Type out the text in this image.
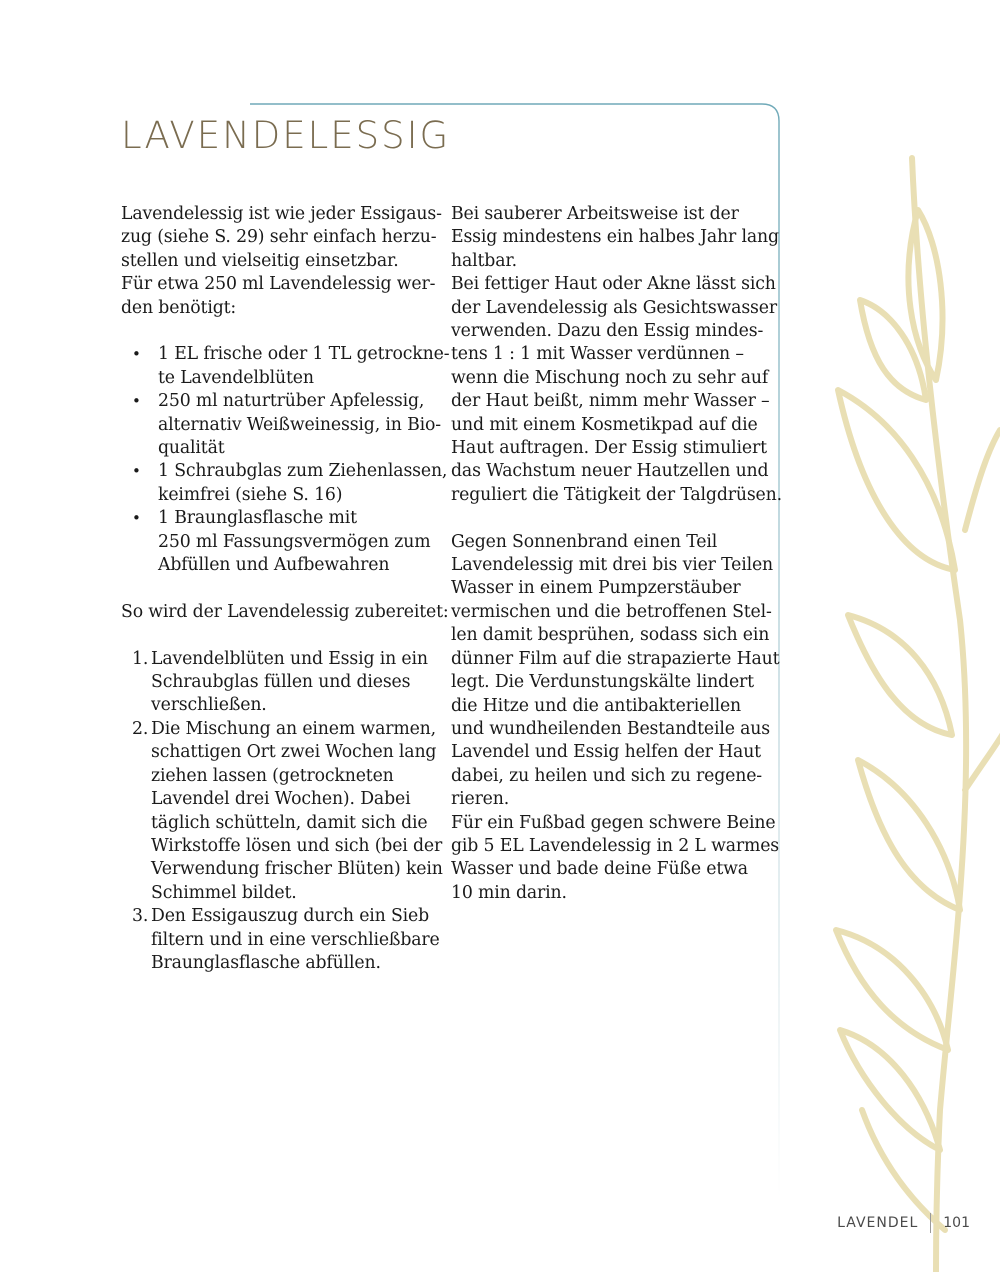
LAVENDELESSIG
Lavendelessig ist wie jeder Essigaus-
zug (siehe S. 29) sehr einfach herzu-
stellen und vielseitig einsetzbar.
Für etwa 250 ml Lavendelessig wer-
den benötigt:
• 1 EL frische oder 1 TL getrockne-
te Lavendelblüten
• 250 ml naturtrüber Apfelessig,
alternativ Weißweinessig, in Bio-
qualität
• 1 Schraubglas zum Ziehenlassen,
keimfrei (siehe S. 16)
• 1 Braunglasflasche mit
250 ml Fassungsvermögen zum
Abfüllen und Aufbewahren
So wird der Lavendelessig zubereitet:
1. Lavendelblüten und Essig in ein
Schraubglas füllen und dieses
verschließen.
2. Die Mischung an einem warmen,
schattigen Ort zwei Wochen lang
ziehen lassen (getrockneten
Lavendel drei Wochen). Dabei
täglich schütteln, damit sich die
Wirkstoffe lösen und sich (bei der
Verwendung frischer Blüten) kein
Schimmel bildet.
3. Den Essigauszug durch ein Sieb
filtern und in eine verschließbare
Braunglasflasche abfüllen.
Bei sauberer Arbeitsweise ist der
Essig mindestens ein halbes Jahr lang
haltbar.
Bei fettiger Haut oder Akne lässt sich
der Lavendelessig als Gesichtswasser
verwenden. Dazu den Essig mindes-
tens 1 : 1 mit Wasser verdünnen –
wenn die Mischung noch zu sehr auf
der Haut beißt, nimm mehr Wasser –
und mit einem Kosmetikpad auf die
Haut auftragen. Der Essig stimuliert
das Wachstum neuer Hautzellen und
reguliert die Tätigkeit der Talgdrüsen.
Gegen Sonnenbrand einen Teil
Lavendelessig mit drei bis vier Teilen
Wasser in einem Pumpzerstäuber
vermischen und die betroffenen Stel-
len damit besprühen, sodass sich ein
dünner Film auf die strapazierte Haut
legt. Die Verdunstungskälte lindert
die Hitze und die antibakteriellen
und wundheilenden Bestandteile aus
Lavendel und Essig helfen der Haut
dabei, zu heilen und sich zu regene-
rieren.
Für ein Fußbad gegen schwere Beine
gib 5 EL Lavendelessig in 2 L warmes
Wasser und bade deine Füße etwa
10 min darin.
LAVENDEL 101
